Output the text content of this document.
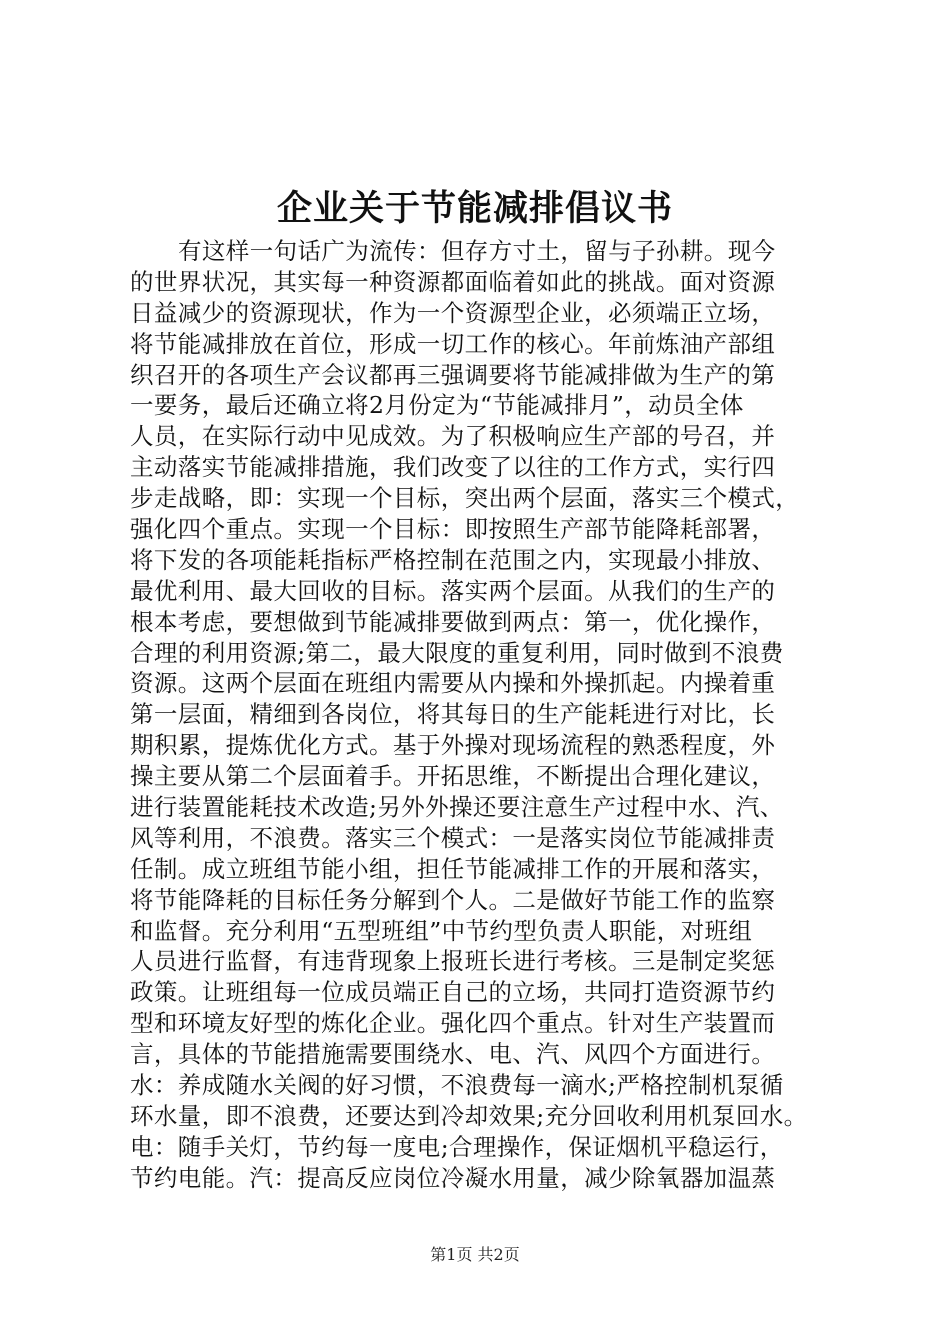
企业关于节能减排倡议书
有这样一句话广为流传：但存方寸土，留与子孙耕。现今
的世界状况，其实每一种资源都面临着如此的挑战。面对资源
日益减少的资源现状，作为一个资源型企业，必须端正立场，
将节能减排放在首位，形成一切工作的核心。年前炼油产部组
织召开的各项生产会议都再三强调要将节能减排做为生产的第
一要务，最后还确立将2月份定为“节能减排月”，动员全体
人员，在实际行动中见成效。为了积极响应生产部的号召，并
主动落实节能减排措施，我们改变了以往的工作方式，实行四
步走战略，即：实现一个目标，突出两个层面，落实三个模式，
强化四个重点。实现一个目标：即按照生产部节能降耗部署，
将下发的各项能耗指标严格控制在范围之内，实现最小排放、
最优利用、最大回收的目标。落实两个层面。从我们的生产的
根本考虑，要想做到节能减排要做到两点：第一，优化操作，
合理的利用资源;第二，最大限度的重复利用，同时做到不浪费
资源。这两个层面在班组内需要从内操和外操抓起。内操着重
第一层面，精细到各岗位，将其每日的生产能耗进行对比，长
期积累，提炼优化方式。基于外操对现场流程的熟悉程度，外
操主要从第二个层面着手。开拓思维，不断提出合理化建议，
进行装置能耗技术改造;另外外操还要注意生产过程中水、汽、
风等利用，不浪费。落实三个模式：一是落实岗位节能减排责
任制。成立班组节能小组，担任节能减排工作的开展和落实，
将节能降耗的目标任务分解到个人。二是做好节能工作的监察
和监督。充分利用“五型班组”中节约型负责人职能，对班组
人员进行监督，有违背现象上报班长进行考核。三是制定奖惩
政策。让班组每一位成员端正自己的立场，共同打造资源节约
型和环境友好型的炼化企业。强化四个重点。针对生产装置而
言，具体的节能措施需要围绕水、电、汽、风四个方面进行。
水：养成随水关阀的好习惯，不浪费每一滴水;严格控制机泵循
环水量，即不浪费，还要达到冷却效果;充分回收利用机泵回水。
电：随手关灯，节约每一度电;合理操作，保证烟机平稳运行，
节约电能。汽：提高反应岗位冷凝水用量，减少除氧器加温蒸
第1页 共2页
